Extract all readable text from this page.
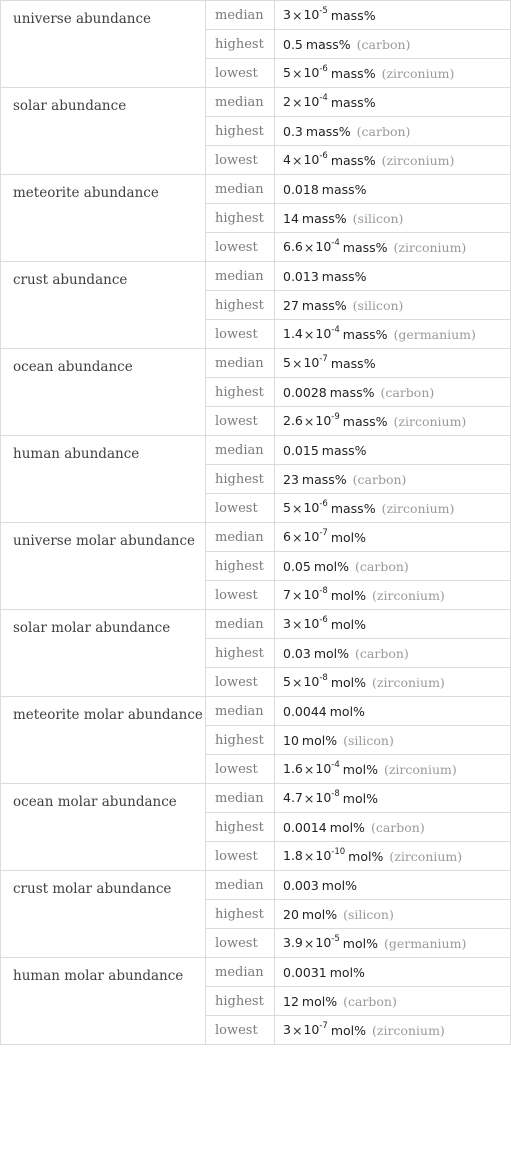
universe abundance	median	$3\times 10^{-5}$ mass%
	highest	0.5 mass% (carbon)
	lowest	$5\times 10^{-6}$ mass% (zirconium)
solar abundance	median	$2\times 10^{-4}$ mass%
	highest	0.3 mass% (carbon)
	lowest	$4\times 10^{-6}$ mass% (zirconium)
meteorite abundance	median	0.018 mass%
	highest	14 mass% (silicon)
	lowest	$6.6\times 10^{-4}$ mass% (zirconium)
crust abundance	median	0.013 mass%
	highest	27 mass% (silicon)
	lowest	$1.4\times 10^{-4}$ mass% (germanium)
ocean abundance	median	$5\times 10^{-7}$ mass%
	highest	0.0028 mass% (carbon)
	lowest	$2.6\times 10^{-9}$ mass% (zirconium)
human abundance	median	0.015 mass%
	highest	23 mass% (carbon)
	lowest	$5\times 10^{-6}$ mass% (zirconium)
universe molar abundance	median	$6\times 10^{-7}$ mol%
	highest	0.05 mol% (carbon)
	lowest	$7\times 10^{-8}$ mol% (zirconium)
solar molar abundance	median	$3\times 10^{-6}$ mol%
	highest	0.03 mol% (carbon)
	lowest	$5\times 10^{-8}$ mol% (zirconium)
meteorite molar abundance	median	0.0044 mol%
	highest	10 mol% (silicon)
	lowest	$1.6\times 10^{-4}$ mol% (zirconium)
ocean molar abundance	median	$4.7\times 10^{-8}$ mol%
	highest	0.0014 mol% (carbon)
	lowest	$1.8\times 10^{-10}$ mol% (zirconium)
crust molar abundance	median	0.003 mol%
	highest	20 mol% (silicon)
	lowest	$3.9\times 10^{-5}$ mol% (germanium)
human molar abundance	median	0.0031 mol%
	highest	12 mol% (carbon)
	lowest	$3\times 10^{-7}$ mol% (zirconium)
